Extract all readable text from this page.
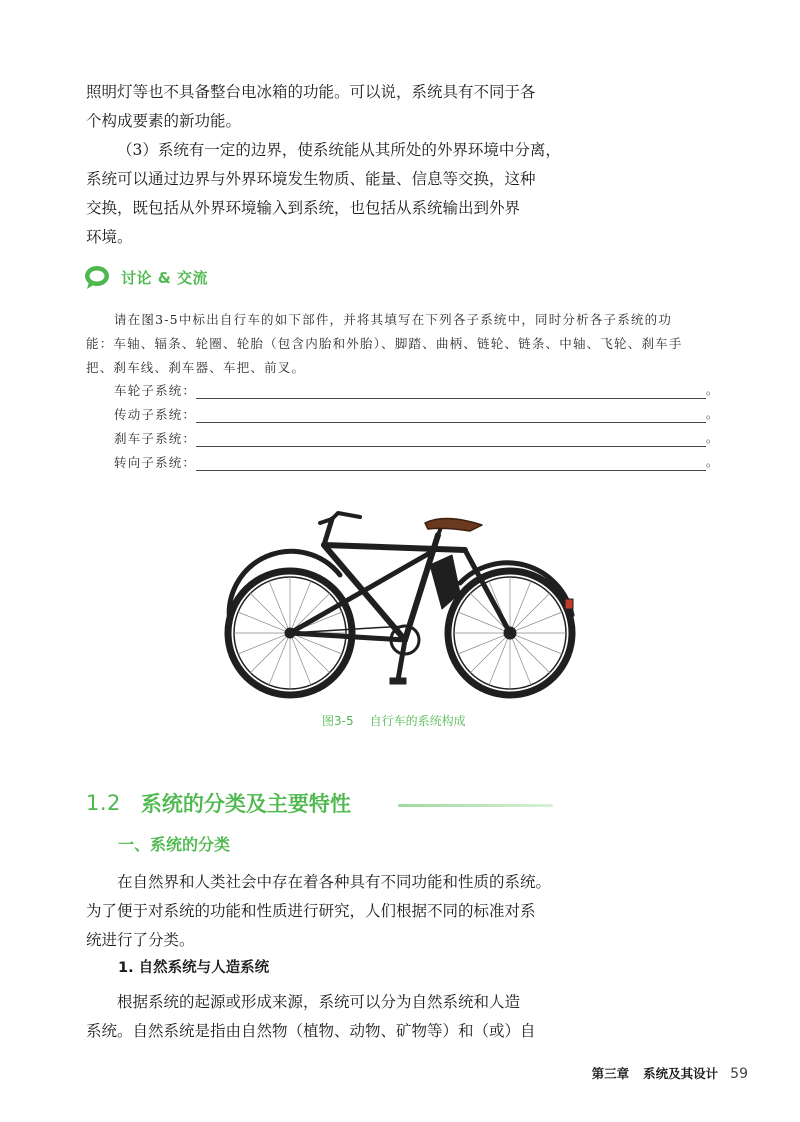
照明灯等也不具备整台电冰箱的功能。可以说，系统具有不同于各
个构成要素的新功能。
（3）系统有一定的边界，使系统能从其所处的外界环境中分离，
系统可以通过边界与外界环境发生物质、能量、信息等交换，这种
交换，既包括从外界环境输入到系统，也包括从系统输出到外界
环境。
讨论 & 交流
请在图3-5中标出自行车的如下部件，并将其填写在下列各子系统中，同时分析各子系统的功
能：车轴、辐条、轮圈、轮胎（包含内胎和外胎）、脚踏、曲柄、链轮、链条、中轴、飞轮、刹车手
把、刹车线、刹车器、车把、前叉。
车轮子系统：	。
传动子系统：	。
刹车子系统：	。
转向子系统：	。
图3-5 自行车的系统构成
1.2 系统的分类及主要特性
一、系统的分类
在自然界和人类社会中存在着各种具有不同功能和性质的系统。
为了便于对系统的功能和性质进行研究，人们根据不同的标准对系
统进行了分类。
1. 自然系统与人造系统
根据系统的起源或形成来源，系统可以分为自然系统和人造
系统。自然系统是指由自然物（植物、动物、矿物等）和（或）自
第三章 系统及其设计 59
